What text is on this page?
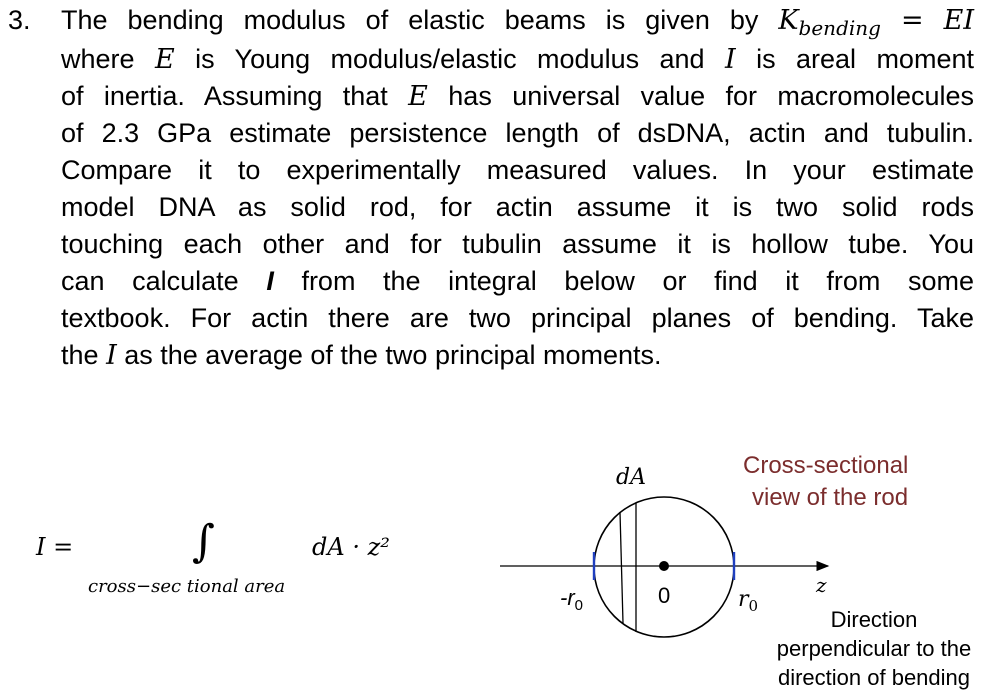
3. The bending modulus of elastic beams is given by $K_{bending}$ = EI
where E is Young modulus/elastic modulus and I is areal moment
of inertia. Assuming that E has universal value for macromolecules
of 2.3 GPa estimate persistence length of dsDNA, actin and tubulin.
Compare it to experimentally measured values. In your estimate
model DNA as solid rod, for actin assume it is two solid rods
touching each other and for tubulin assume it is hollow tube. You
can calculate I from the integral below or find it from some
textbook. For actin there are two principal planes of bending. Take
the I as the average of the two principal moments.
I =	∫
cross−sec tional area
dA · z²
dA	Cross-sectional
view of the rod
$-r_0$	0	$r_0$
z
Direction
perpendicular to the
direction of bending
